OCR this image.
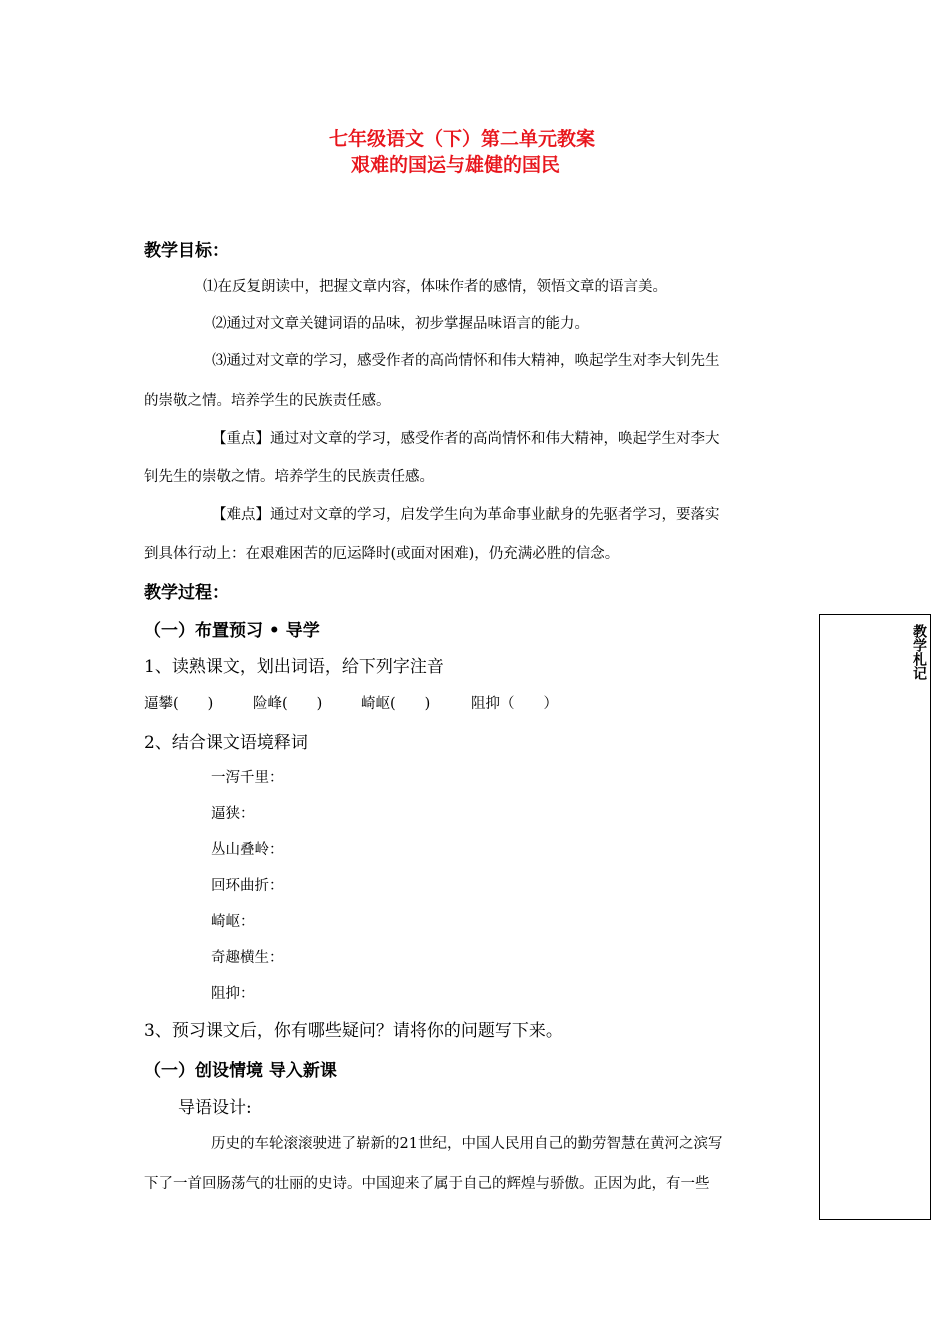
七年级语文（下）第二单元教案
艰难的国运与雄健的国民
教学目标：
⑴在反复朗读中，把握文章内容，体味作者的感情，领悟文章的语言美。
⑵通过对文章关键词语的品味，初步掌握品味语言的能力。
⑶通过对文章的学习，感受作者的高尚情怀和伟大精神，唤起学生对李大钊先生
的崇敬之情。培养学生的民族责任感。
【重点】通过对文章的学习，感受作者的高尚情怀和伟大精神，唤起学生对李大
钊先生的崇敬之情。培养学生的民族责任感。
【难点】通过对文章的学习，启发学生向为革命事业献身的先驱者学习，要落实
到具体行动上：在艰难困苦的厄运降时(或面对困难)，仍充满必胜的信念。
教学过程：
（一）布置预习 • 导学
1、读熟课文，划出词语，给下列字注音
逼攀(　　)	险峰(　　)	崎岖(　　)	阻抑（　　）
2、结合课文语境释词
一泻千里：
逼狭：
丛山叠岭：
回环曲折：
崎岖：
奇趣横生：
阻抑：
3、预习课文后，你有哪些疑问？请将你的问题写下来。
（一）创设情境 导入新课
导语设计:
历史的车轮滚滚驶进了崭新的21世纪，中国人民用自己的勤劳智慧在黄河之滨写
下了一首回肠荡气的壮丽的史诗。中国迎来了属于自己的辉煌与骄傲。正因为此，有一些
教学札记
